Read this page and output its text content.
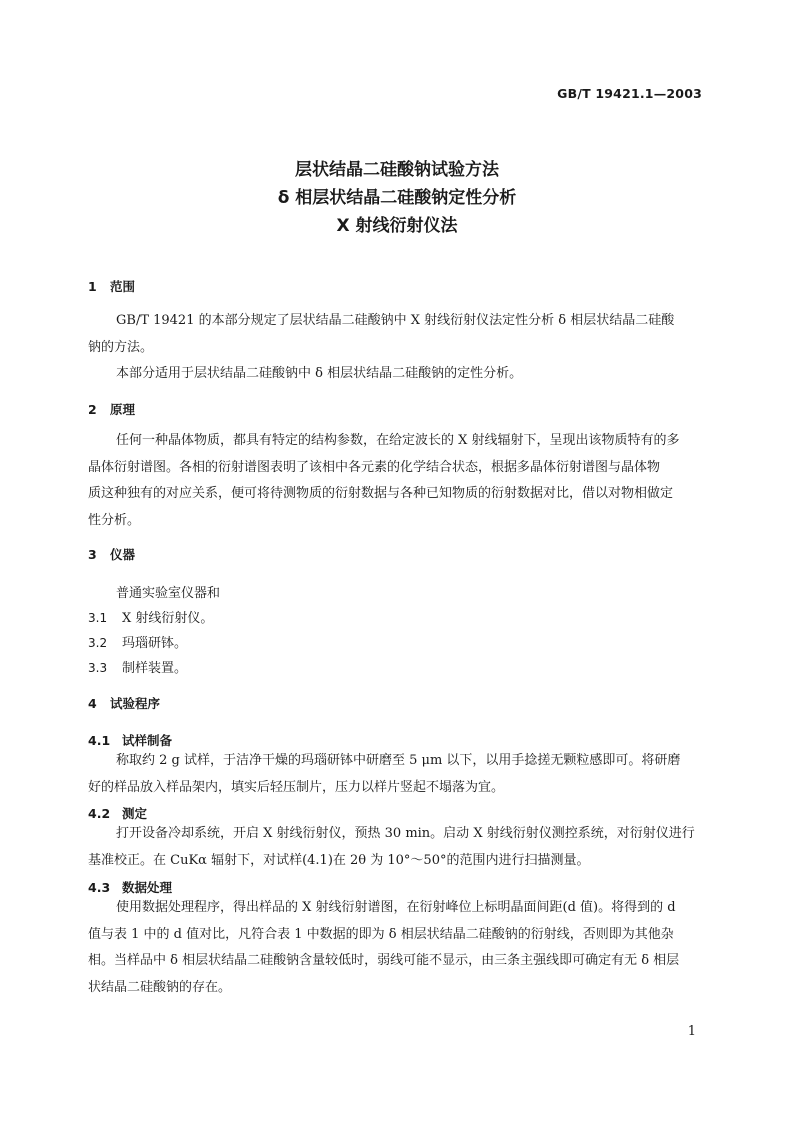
GB/T 19421.1—2003
层状结晶二硅酸钠试验方法
δ 相层状结晶二硅酸钠定性分析
X 射线衍射仪法
1 范围
GB/T 19421 的本部分规定了层状结晶二硅酸钠中 X 射线衍射仪法定性分析 δ 相层状结晶二硅酸
钠的方法。
本部分适用于层状结晶二硅酸钠中 δ 相层状结晶二硅酸钠的定性分析。
2 原理
任何一种晶体物质，都具有特定的结构参数，在给定波长的 X 射线辐射下，呈现出该物质特有的多
晶体衍射谱图。各相的衍射谱图表明了该相中各元素的化学结合状态，根据多晶体衍射谱图与晶体物
质这种独有的对应关系，便可将待测物质的衍射数据与各种已知物质的衍射数据对比，借以对物相做定
性分析。
3 仪器
普通实验室仪器和
3.1 X 射线衍射仪。
3.2 玛瑙研钵。
3.3 制样装置。
4 试验程序
4.1 试样制备
称取约 2 g 试样，于洁净干燥的玛瑙研钵中研磨至 5 μm 以下，以用手捻搓无颗粒感即可。将研磨
好的样品放入样品架内，填实后轻压制片，压力以样片竖起不塌落为宜。
4.2 测定
打开设备冷却系统，开启 X 射线衍射仪，预热 30 min。启动 X 射线衍射仪测控系统，对衍射仪进行
基准校正。在 CuKα 辐射下，对试样(4.1)在 2θ 为 10°～50°的范围内进行扫描测量。
4.3 数据处理
使用数据处理程序，得出样品的 X 射线衍射谱图，在衍射峰位上标明晶面间距(d 值)。将得到的 d
值与表 1 中的 d 值对比，凡符合表 1 中数据的即为 δ 相层状结晶二硅酸钠的衍射线，否则即为其他杂
相。当样品中 δ 相层状结晶二硅酸钠含量较低时，弱线可能不显示，由三条主强线即可确定有无 δ 相层
状结晶二硅酸钠的存在。
1
